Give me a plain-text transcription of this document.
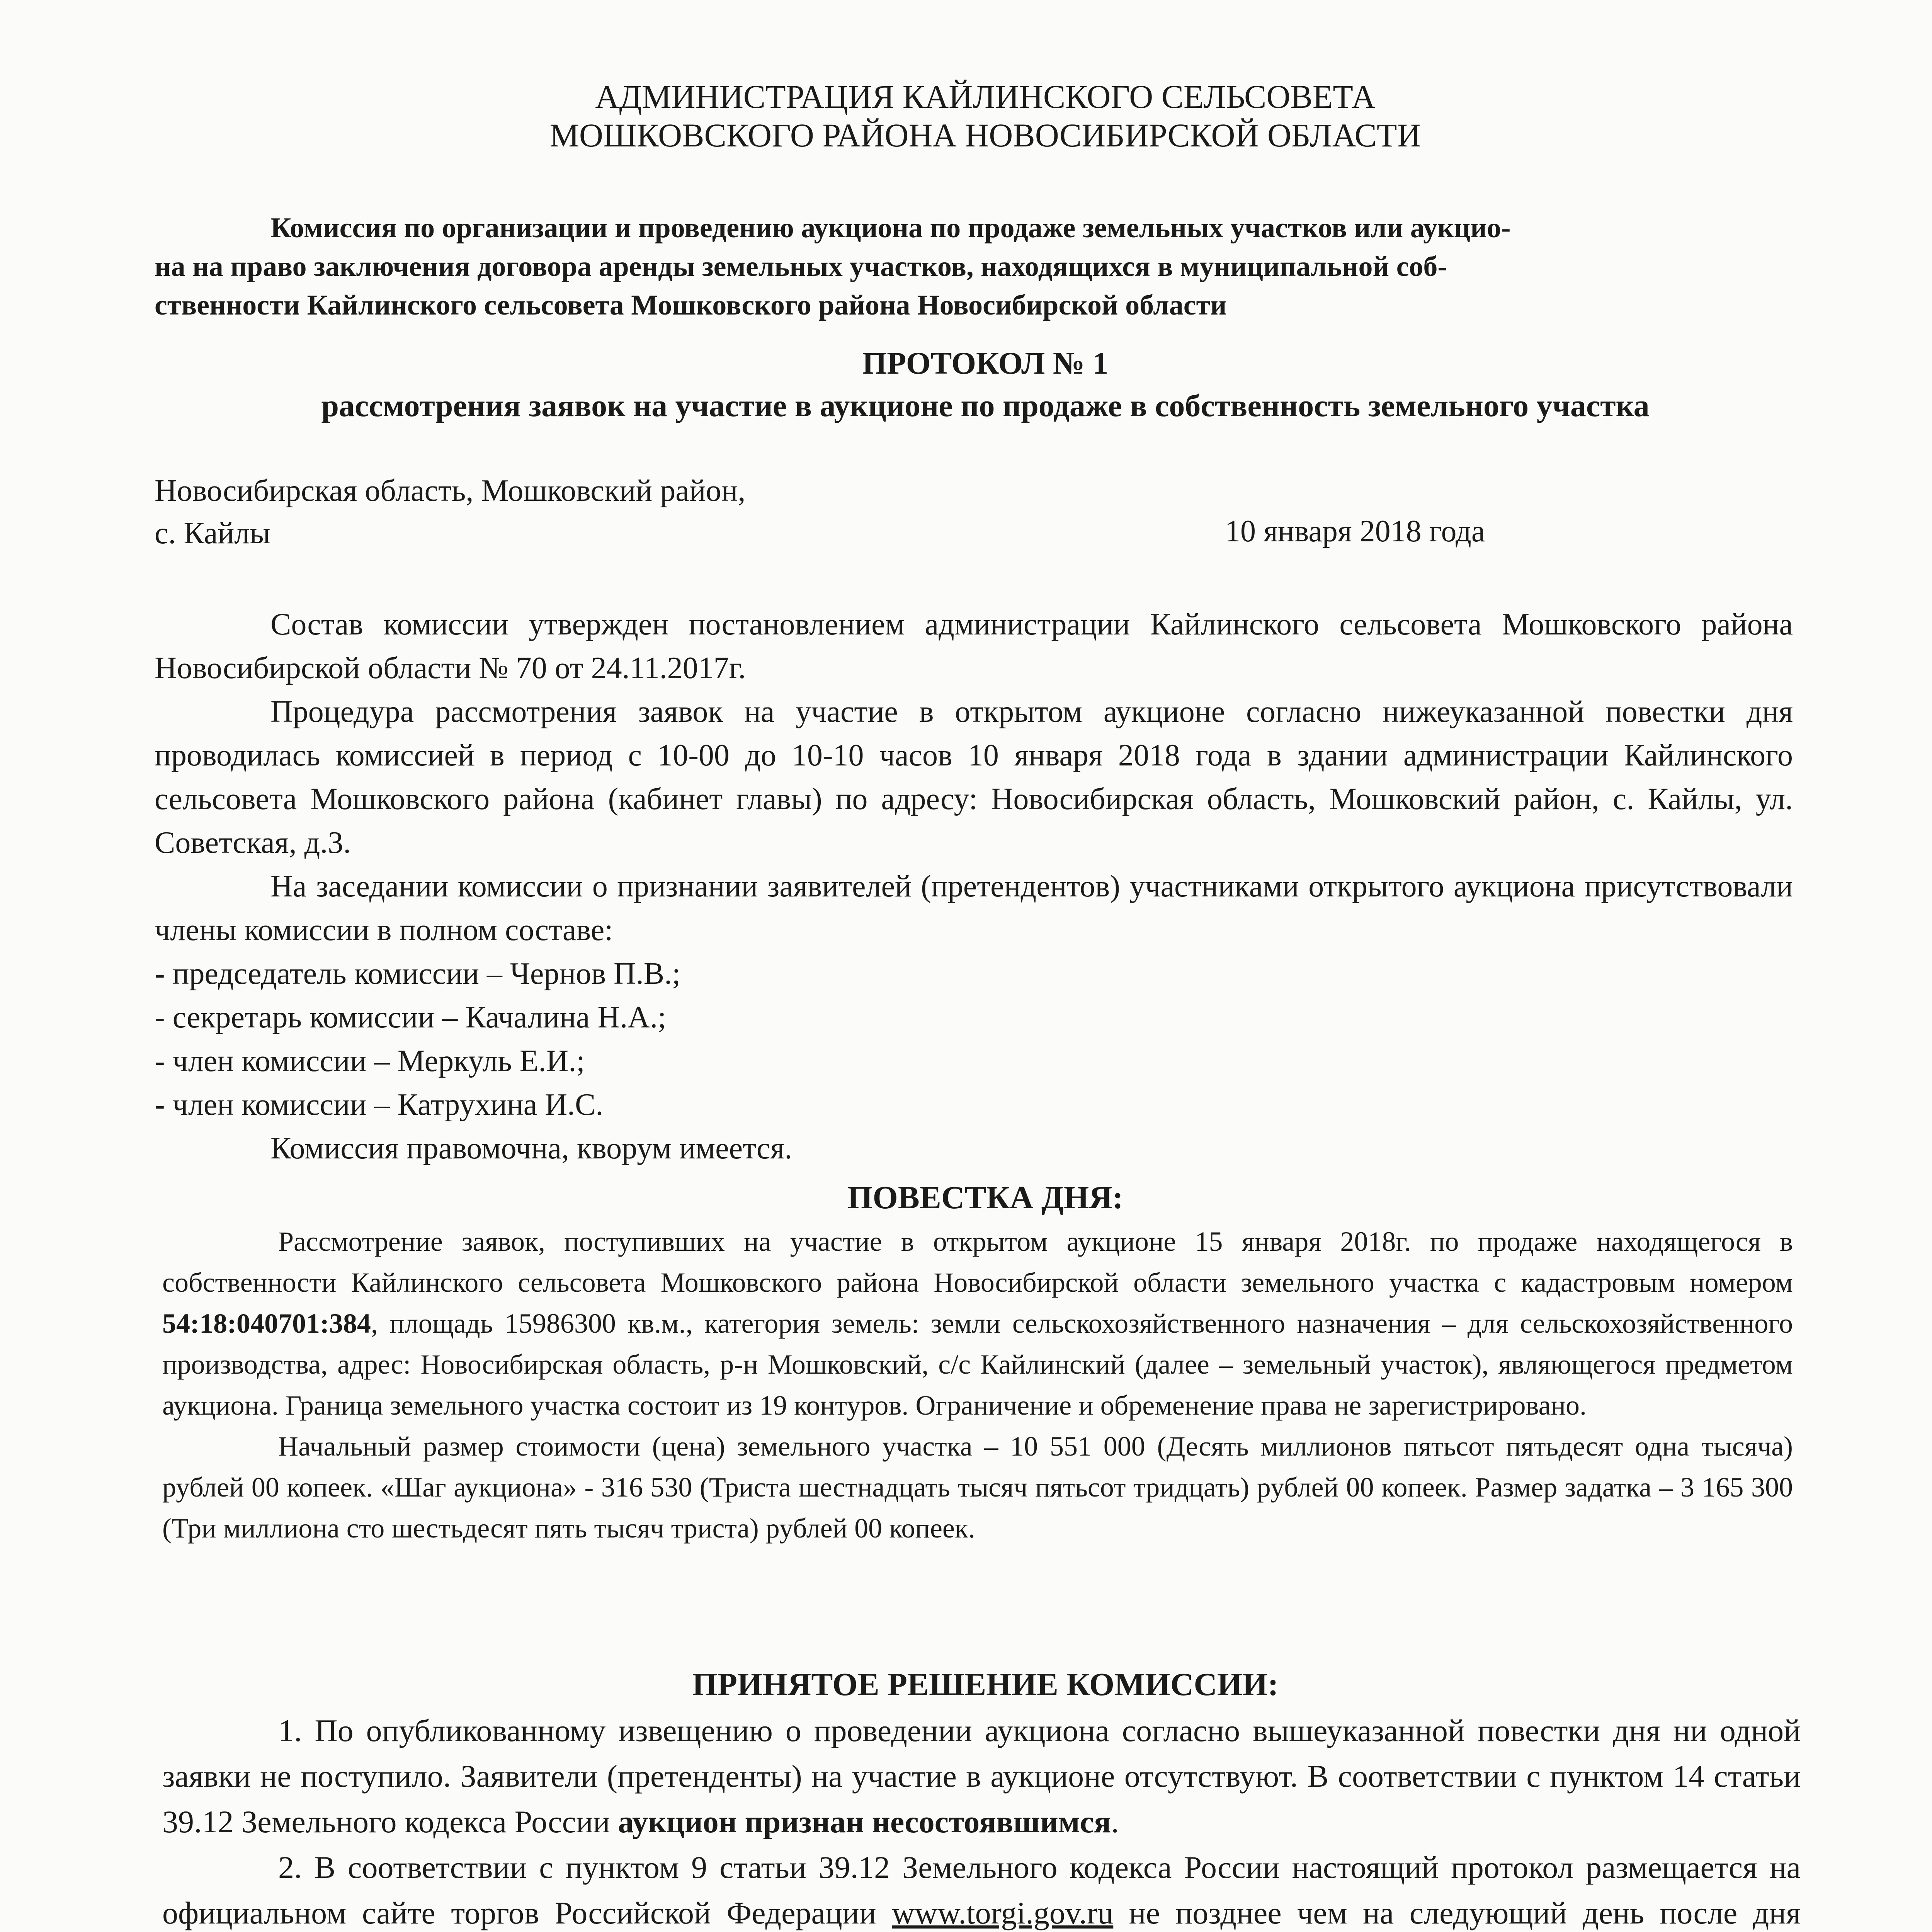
АДМИНИСТРАЦИЯ КАЙЛИНСКОГО СЕЛЬСОВЕТА
МОШКОВСКОГО РАЙОНА НОВОСИБИРСКОЙ ОБЛАСТИ
Комиссия по организации и проведению аукциона по продаже земельных участков или аукцио-
на на право заключения договора аренды земельных участков, находящихся в муниципальной соб-
ственности Кайлинского сельсовета Мошковского района Новосибирской области
ПРОТОКОЛ № 1
рассмотрения заявок на участие в аукционе по продаже в собственность земельного участка
Новосибирская область, Мошковский район,
с. Кайлы	10 января 2018 года

Состав комиссии утвержден постановлением администрации Кайлинского сельсовета Мошковского района Новосибирской области № 70 от 24.11.2017г.

Процедура рассмотрения заявок на участие в открытом аукционе согласно нижеуказанной повестки дня проводилась комиссией в период с 10-00 до 10-10 часов 10 января 2018 года в здании администрации Кайлинского сельсовета Мошковского района (кабинет главы) по адресу: Новосибирская область, Мошковский район, с. Кайлы, ул. Советская, д.3.

На заседании комиссии о признании заявителей (претендентов) участниками открытого аукциона присутствовали члены комиссии в полном составе:

- председатель комиссии – Чернов П.В.;

- секретарь комиссии – Качалина Н.А.;

- член комиссии – Меркуль Е.И.;

- член комиссии – Катрухина И.С.

Комиссия правомочна, кворум имеется.

ПОВЕСТКА ДНЯ:

Рассмотрение заявок, поступивших на участие в открытом аукционе 15 января 2018г. по продаже находящегося в собственности Кайлинского сельсовета Мошковского района Новосибирской области земельного участка с кадастровым номером 54:18:040701:384, площадь 15986300 кв.м., категория земель: земли сельскохозяйственного назначения – для сельскохозяйственного производства, адрес: Новосибирская область, р-н Мошковский, с/с Кайлинский (далее – земельный участок), являющегося предметом аукциона. Граница земельного участка состоит из 19 контуров. Ограничение и обременение права не зарегистрировано.

Начальный размер стоимости (цена) земельного участка – 10 551 000 (Десять миллионов пятьсот пятьдесят одна тысяча) рублей 00 копеек. «Шаг аукциона» - 316 530 (Триста шестнадцать тысяч пятьсот тридцать) рублей 00 копеек. Размер задатка – 3 165 300 (Три миллиона сто шестьдесят пять тысяч триста) рублей 00 копеек.

ПРИНЯТОЕ РЕШЕНИЕ КОМИССИИ:

1. По опубликованному извещению о проведении аукциона согласно вышеуказанной повестки дня ни одной заявки не поступило. Заявители (претенденты) на участие в аукционе отсутствуют. В соответствии с пунктом 14 статьи 39.12 Земельного кодекса России аукцион признан несостоявшимся.

2. В соответствии с пунктом 9 статьи 39.12 Земельного кодекса России настоящий протокол размещается на официальном сайте торгов Российской Федерации www.torgi.gov.ru не позднее чем на следующий день после дня
